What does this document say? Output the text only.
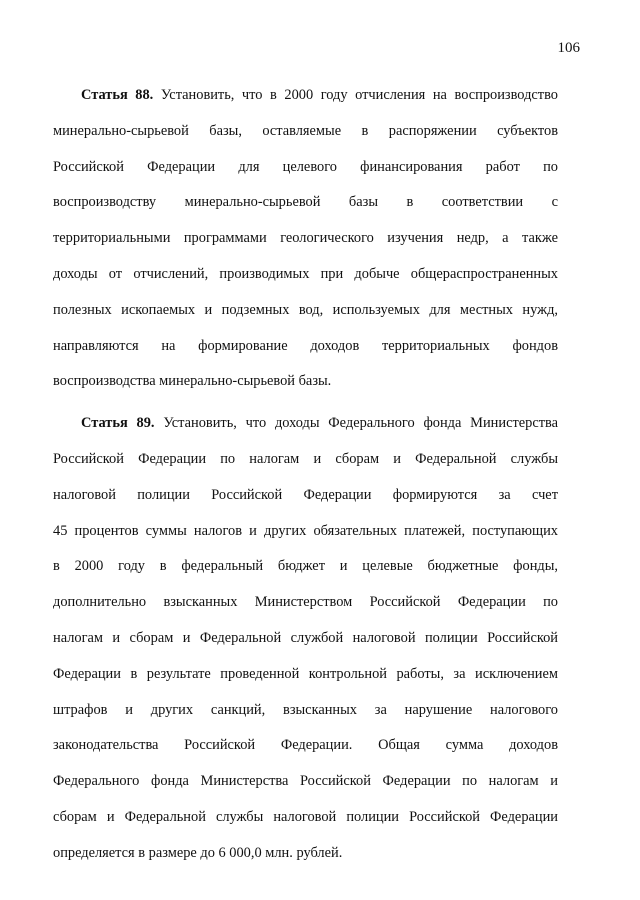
106

Статья 88. Установить, что в 2000 году отчисления на воспроизводство
минерально-сырьевой базы, оставляемые в распоряжении субъектов
Российской Федерации для целевого финансирования работ по
воспроизводству минерально-сырьевой базы в соответствии с
территориальными программами геологического изучения недр, а также
доходы от отчислений, производимых при добыче общераспространенных
полезных ископаемых и подземных вод, используемых для местных нужд,
направляются на формирование доходов территориальных фондов
воспроизводства минерально-сырьевой базы.

Статья 89. Установить, что доходы Федерального фонда Министерства
Российской Федерации по налогам и сборам и Федеральной службы
налоговой полиции Российской Федерации формируются за счет
45 процентов суммы налогов и других обязательных платежей, поступающих
в 2000 году в федеральный бюджет и целевые бюджетные фонды,
дополнительно взысканных Министерством Российской Федерации по
налогам и сборам и Федеральной службой налоговой полиции Российской
Федерации в результате проведенной контрольной работы, за исключением
штрафов и других санкций, взысканных за нарушение налогового
законодательства Российской Федерации. Общая сумма доходов
Федерального фонда Министерства Российской Федерации по налогам и
сборам и Федеральной службы налоговой полиции Российской Федерации
определяется в размере до 6 000,0 млн. рублей.
